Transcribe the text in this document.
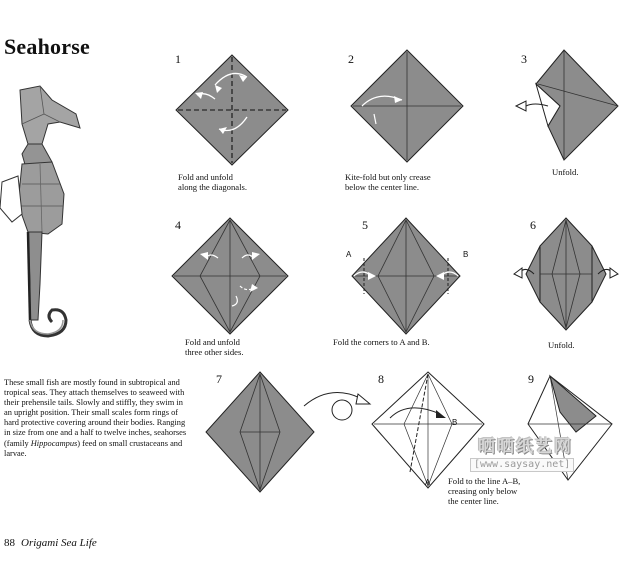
Seahorse	1
Fold and unfold
along the diagonals.
2
Kite-fold but only crease
below the center line.
3
Unfold.
4
Fold and unfold
three other sides.
5
A	B
Fold the corners to A and B.
6
Unfold.
7	8
B
A Fold to the line A–B,
creasing only below
the center line.
9
These small fish are mostly found in subtropical and tropical seas. They attach themselves to seaweed with their prehensile tails. Slowly and stiffly, they swim in an upright position. Their small scales form rings of hard protective covering around their bodies. Ranging in size from one and a half to twelve inches, seahorses (family Hippocampus) feed on small crustaceans and larvae.
88 Origami Sea Life
晒晒纸艺网
[www.saysay.net]
